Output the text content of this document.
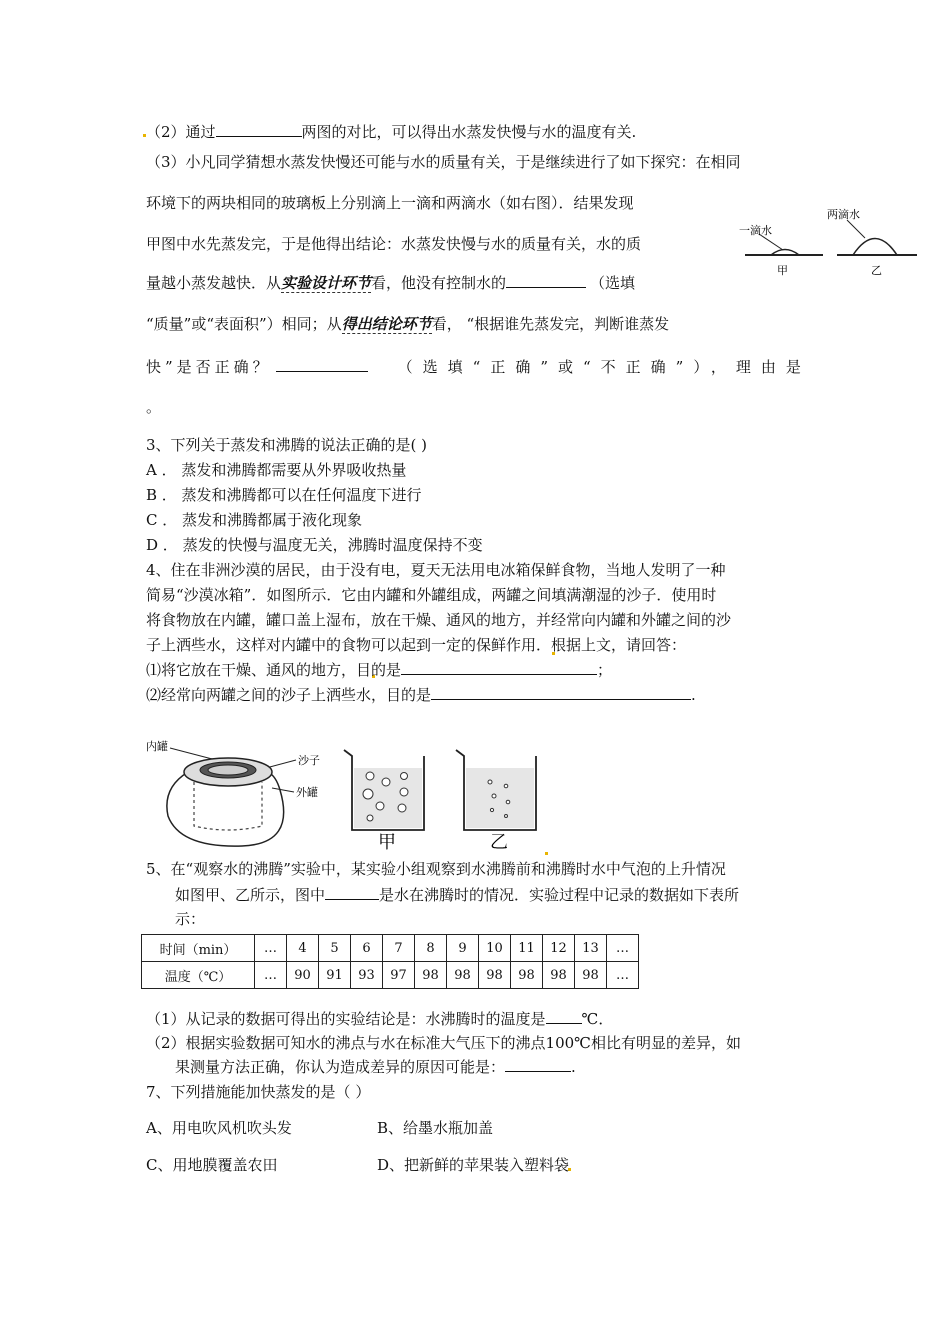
（2）通过	两图的对比，可以得出水蒸发快慢与水的温度有关.
（3）小凡同学猜想水蒸发快慢还可能与水的质量有关，于是继续进行了如下探究：在相同
环境下的两块相同的玻璃板上分别滴上一滴和两滴水（如右图）．结果发现
甲图中水先蒸发完，于是他得出结论：水蒸发快慢与水的质量有关，水的质
量越小蒸发越快．从实验设计环节看，他没有控制水的	（选填
“质量”或“表面积”）相同；从得出结论环节看， “根据谁先蒸发完，判断谁蒸发
快”是否正确？	（选填“正确”或“不正确”），理由是
。
一滴水
甲
两滴水
乙
3、下列关于蒸发和沸腾的说法正确的是( )
A ． 蒸发和沸腾都需要从外界吸收热量
B ． 蒸发和沸腾都可以在任何温度下进行
C ． 蒸发和沸腾都属于液化现象
D ． 蒸发的快慢与温度无关，沸腾时温度保持不变
4、住在非洲沙漠的居民，由于没有电，夏天无法用电冰箱保鲜食物，当地人发明了一种
简易“沙漠冰箱”．如图所示．它由内罐和外罐组成，两罐之间填满潮湿的沙子．使用时
将食物放在内罐，罐口盖上湿布，放在干燥、通风的地方，并经常向内罐和外罐之间的沙
子上洒些水，这样对内罐中的食物可以起到一定的保鲜作用．根据上文，请回答：
⑴将它放在干燥、通风的地方，目的是	；
⑵经常向两罐之间的沙子上洒些水，目的是	.
内罐
沙子
外罐
甲	乙
5、在“观察水的沸腾”实验中，某实验小组观察到水沸腾前和沸腾时水中气泡的上升情况
如图甲、乙所示，图中	是水在沸腾时的情况．实验过程中记录的数据如下表所
示：
时间（min）	…	4	5	6	7	8	9	10	11	12	13	…
温度（℃）	…	90	91	93	97	98	98	98	98	98	98	…
（1）从记录的数据可得出的实验结论是：水沸腾时的温度是 ℃．
（2）根据实验数据可知水的沸点与水在标准大气压下的沸点100℃相比有明显的差异，如
果测量方法正确，你认为造成差异的原因可能是：	.
7、下列措施能加快蒸发的是（ ）
A、用电吹风机吹头发	B、给墨水瓶加盖
C、用地膜覆盖农田	D、把新鲜的苹果装入塑料袋
